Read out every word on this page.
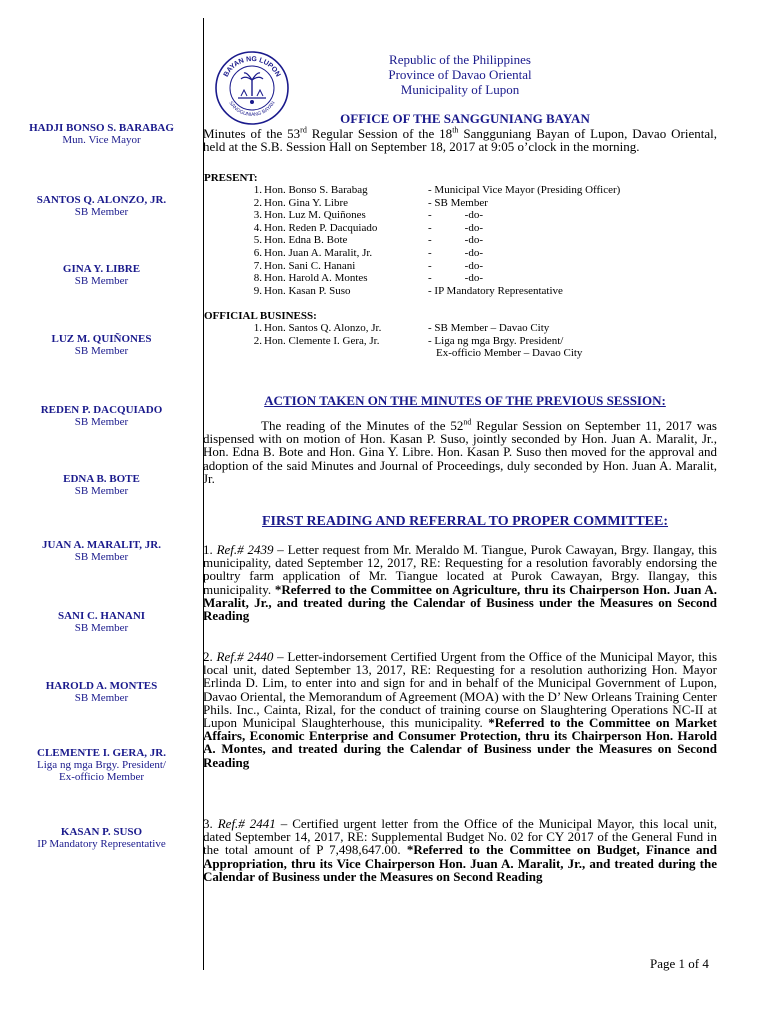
HADJI BONSO S. BARABAG
Mun. Vice Mayor
SANTOS Q. ALONZO, JR.
SB Member
GINA Y. LIBRE
SB Member
LUZ M. QUIÑONES
SB Member
REDEN P. DACQUIADO
SB Member
EDNA B. BOTE
SB Member
JUAN A. MARALIT, JR.
SB Member
SANI C. HANANI
SB Member
HAROLD A. MONTES
SB Member
CLEMENTE I. GERA, JR.
Liga ng mga Brgy. President/
Ex-officio Member
KASAN P. SUSO
IP Mandatory Representative
BAYAN NG LUPON
SANGGUNIANG BAYAN
Republic of the Philippines
Province of Davao Oriental
Municipality of Lupon
OFFICE OF THE SANGGUNIANG BAYAN
Minutes of the 53rd Regular Session of the 18th Sangguniang Bayan of Lupon, Davao Oriental, held at the S.B. Session Hall on September 18, 2017 at 9:05 o’clock in the morning.
PRESENT:
1. Hon. Bonso S. Barabag	- Municipal Vice Mayor (Presiding Officer)
2. Hon. Gina Y. Libre	- SB Member
3. Hon. Luz M. Quiñones	-            -do-
4. Hon. Reden P. Dacquiado	-            -do-
5. Hon. Edna B. Bote	-            -do-
6. Hon. Juan A. Maralit, Jr.	-            -do-
7. Hon. Sani C. Hanani	-            -do-
8. Hon. Harold A. Montes	-            -do-
9. Hon. Kasan P. Suso	- IP Mandatory Representative
OFFICIAL BUSINESS:
1. Hon. Santos Q. Alonzo, Jr.	- SB Member – Davao City
2. Hon. Clemente I. Gera, Jr.	- Liga ng mga Brgy. President/
Ex-officio Member – Davao City
ACTION TAKEN ON THE MINUTES OF THE PREVIOUS SESSION:
The reading of the Minutes of the 52nd Regular Session on September 11, 2017 was dispensed with on motion of Hon. Kasan P. Suso, jointly seconded by Hon. Juan A. Maralit, Jr., Hon. Edna B. Bote and Hon. Gina Y. Libre. Hon. Kasan P. Suso then moved for the approval and adoption of the said Minutes and Journal of Proceedings, duly seconded by Hon. Juan A. Maralit, Jr.
FIRST READING AND REFERRAL TO PROPER COMMITTEE:
1. Ref.# 2439 – Letter request from Mr. Meraldo M. Tiangue, Purok Cawayan, Brgy. Ilangay, this municipality, dated September 12, 2017, RE: Requesting for a resolution favorably endorsing the poultry farm application of Mr. Tiangue located at Purok Cawayan, Brgy. Ilangay, this municipality. *Referred to the Committee on Agriculture, thru its Chairperson Hon. Juan A. Maralit, Jr., and treated during the Calendar of Business under the Measures on Second Reading
2. Ref.# 2440 – Letter-indorsement Certified Urgent from the Office of the Municipal Mayor, this local unit, dated September 13, 2017, RE: Requesting for a resolution authorizing Hon. Mayor Erlinda D. Lim, to enter into and sign for and in behalf of the Municipal Government of Lupon, Davao Oriental, the Memorandum of Agreement (MOA) with the D’ New Orleans Training Center Phils. Inc., Cainta, Rizal, for the conduct of training course on Slaughtering Operations NC-II at Lupon Municipal Slaughterhouse, this municipality. *Referred to the Committee on Market Affairs, Economic Enterprise and Consumer Protection, thru its Chairperson Hon. Harold A. Montes, and treated during the Calendar of Business under the Measures on Second Reading
3. Ref.# 2441 – Certified urgent letter from the Office of the Municipal Mayor, this local unit, dated September 14, 2017, RE: Supplemental Budget No. 02 for CY 2017 of the General Fund in the total amount of P 7,498,647.00. *Referred to the Committee on Budget, Finance and Appropriation, thru its Vice Chairperson Hon. Juan A. Maralit, Jr., and treated during the Calendar of Business under the Measures on Second Reading
Page 1 of 4
